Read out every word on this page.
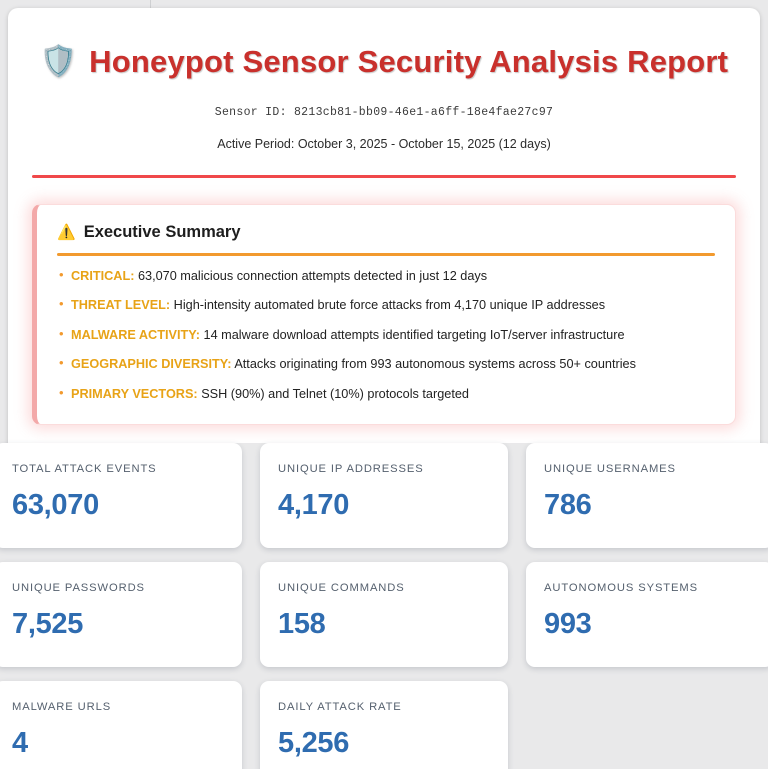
🛡️ Honeypot Sensor Security Analysis Report
Sensor ID: 8213cb81-bb09-46e1-a6ff-18e4fae27c97
Active Period: October 3, 2025 - October 15, 2025 (12 days)
⚠️ Executive Summary
• CRITICAL: 63,070 malicious connection attempts detected in just 12 days
• THREAT LEVEL: High-intensity automated brute force attacks from 4,170 unique IP addresses
• MALWARE ACTIVITY: 14 malware download attempts identified targeting IoT/server infrastructure
• GEOGRAPHIC DIVERSITY: Attacks originating from 993 autonomous systems across 50+ countries
• PRIMARY VECTORS: SSH (90%) and Telnet (10%) protocols targeted
TOTAL ATTACK EVENTS
63,070
UNIQUE IP ADDRESSES
4,170
UNIQUE USERNAMES
786
UNIQUE PASSWORDS
7,525
UNIQUE COMMANDS
158
AUTONOMOUS SYSTEMS
993
MALWARE URLS
4
DAILY ATTACK RATE
5,256
